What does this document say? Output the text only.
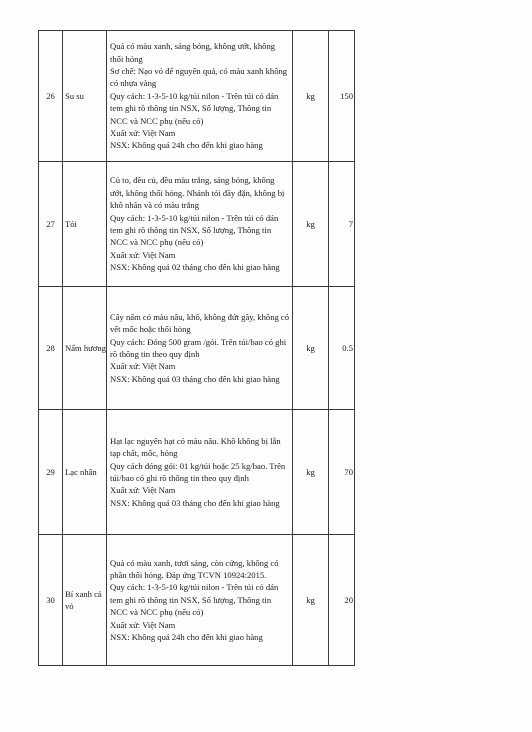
26	Su su	Quả có màu xanh, sáng bóng, không ướt, không thối hỏng
Sơ chế: Nạo vỏ để nguyên quả, có màu xanh không có nhựa vàng
Quy cách: 1-3-5-10 kg/túi nilon - Trên túi có dán tem ghi rõ thông tin NSX, Số lượng, Thông tin NCC và NCC phụ (nếu có)
Xuất xứ: Việt Nam
NSX: Không quá 24h cho đến khi giao hàng	kg	150
27	Tỏi	Củ to, đều củ, đều màu trắng, sáng bóng, không ướt, không thối hỏng. Nhánh tỏi đầy đặn, không bị khô nhăn và có màu trắng
Quy cách: 1-3-5-10 kg/túi nilon - Trên túi có dán tem ghi rõ thông tin NSX, Số lượng, Thông tin NCC và NCC phụ (nếu có)
Xuất xứ: Việt Nam
NSX: Không quá 02 tháng cho đến khi giao hàng	kg	7
28	Nấm hương	Cây nấm có màu nâu, khô, không đứt gãy, không có vết mốc hoặc thối hỏng
Quy cách: Đóng 500 gram /gói. Trên túi/bao có ghi rõ thông tin theo quy định
Xuất xứ: Việt Nam
NSX: Không quá 03 tháng cho đến khi giao hàng	kg	0.5
29	Lạc nhân	Hạt lạc nguyên hạt có màu nâu. Khô không bị lẫn tạp chất, mốc, hỏng
Quy cách đóng gói: 01 kg/túi hoặc 25 kg/bao. Trên túi/bao có ghi rõ thông tin theo quy định
Xuất xứ: Việt Nam
NSX: Không quá 03 tháng cho đến khi giao hàng	kg	70
30	Bí xanh cả vỏ	Quả có màu xanh, tươi sáng, còn cứng, không có phần thối hỏng. Đáp ứng TCVN 10924:2015.
Quy cách: 1-3-5-10 kg/túi nilon - Trên túi có dán tem ghi rõ thông tin NSX, Số lượng, Thông tin NCC và NCC phụ (nếu có)
Xuất xứ: Việt Nam
NSX: Không quá 24h cho đến khi giao hàng	kg	20
